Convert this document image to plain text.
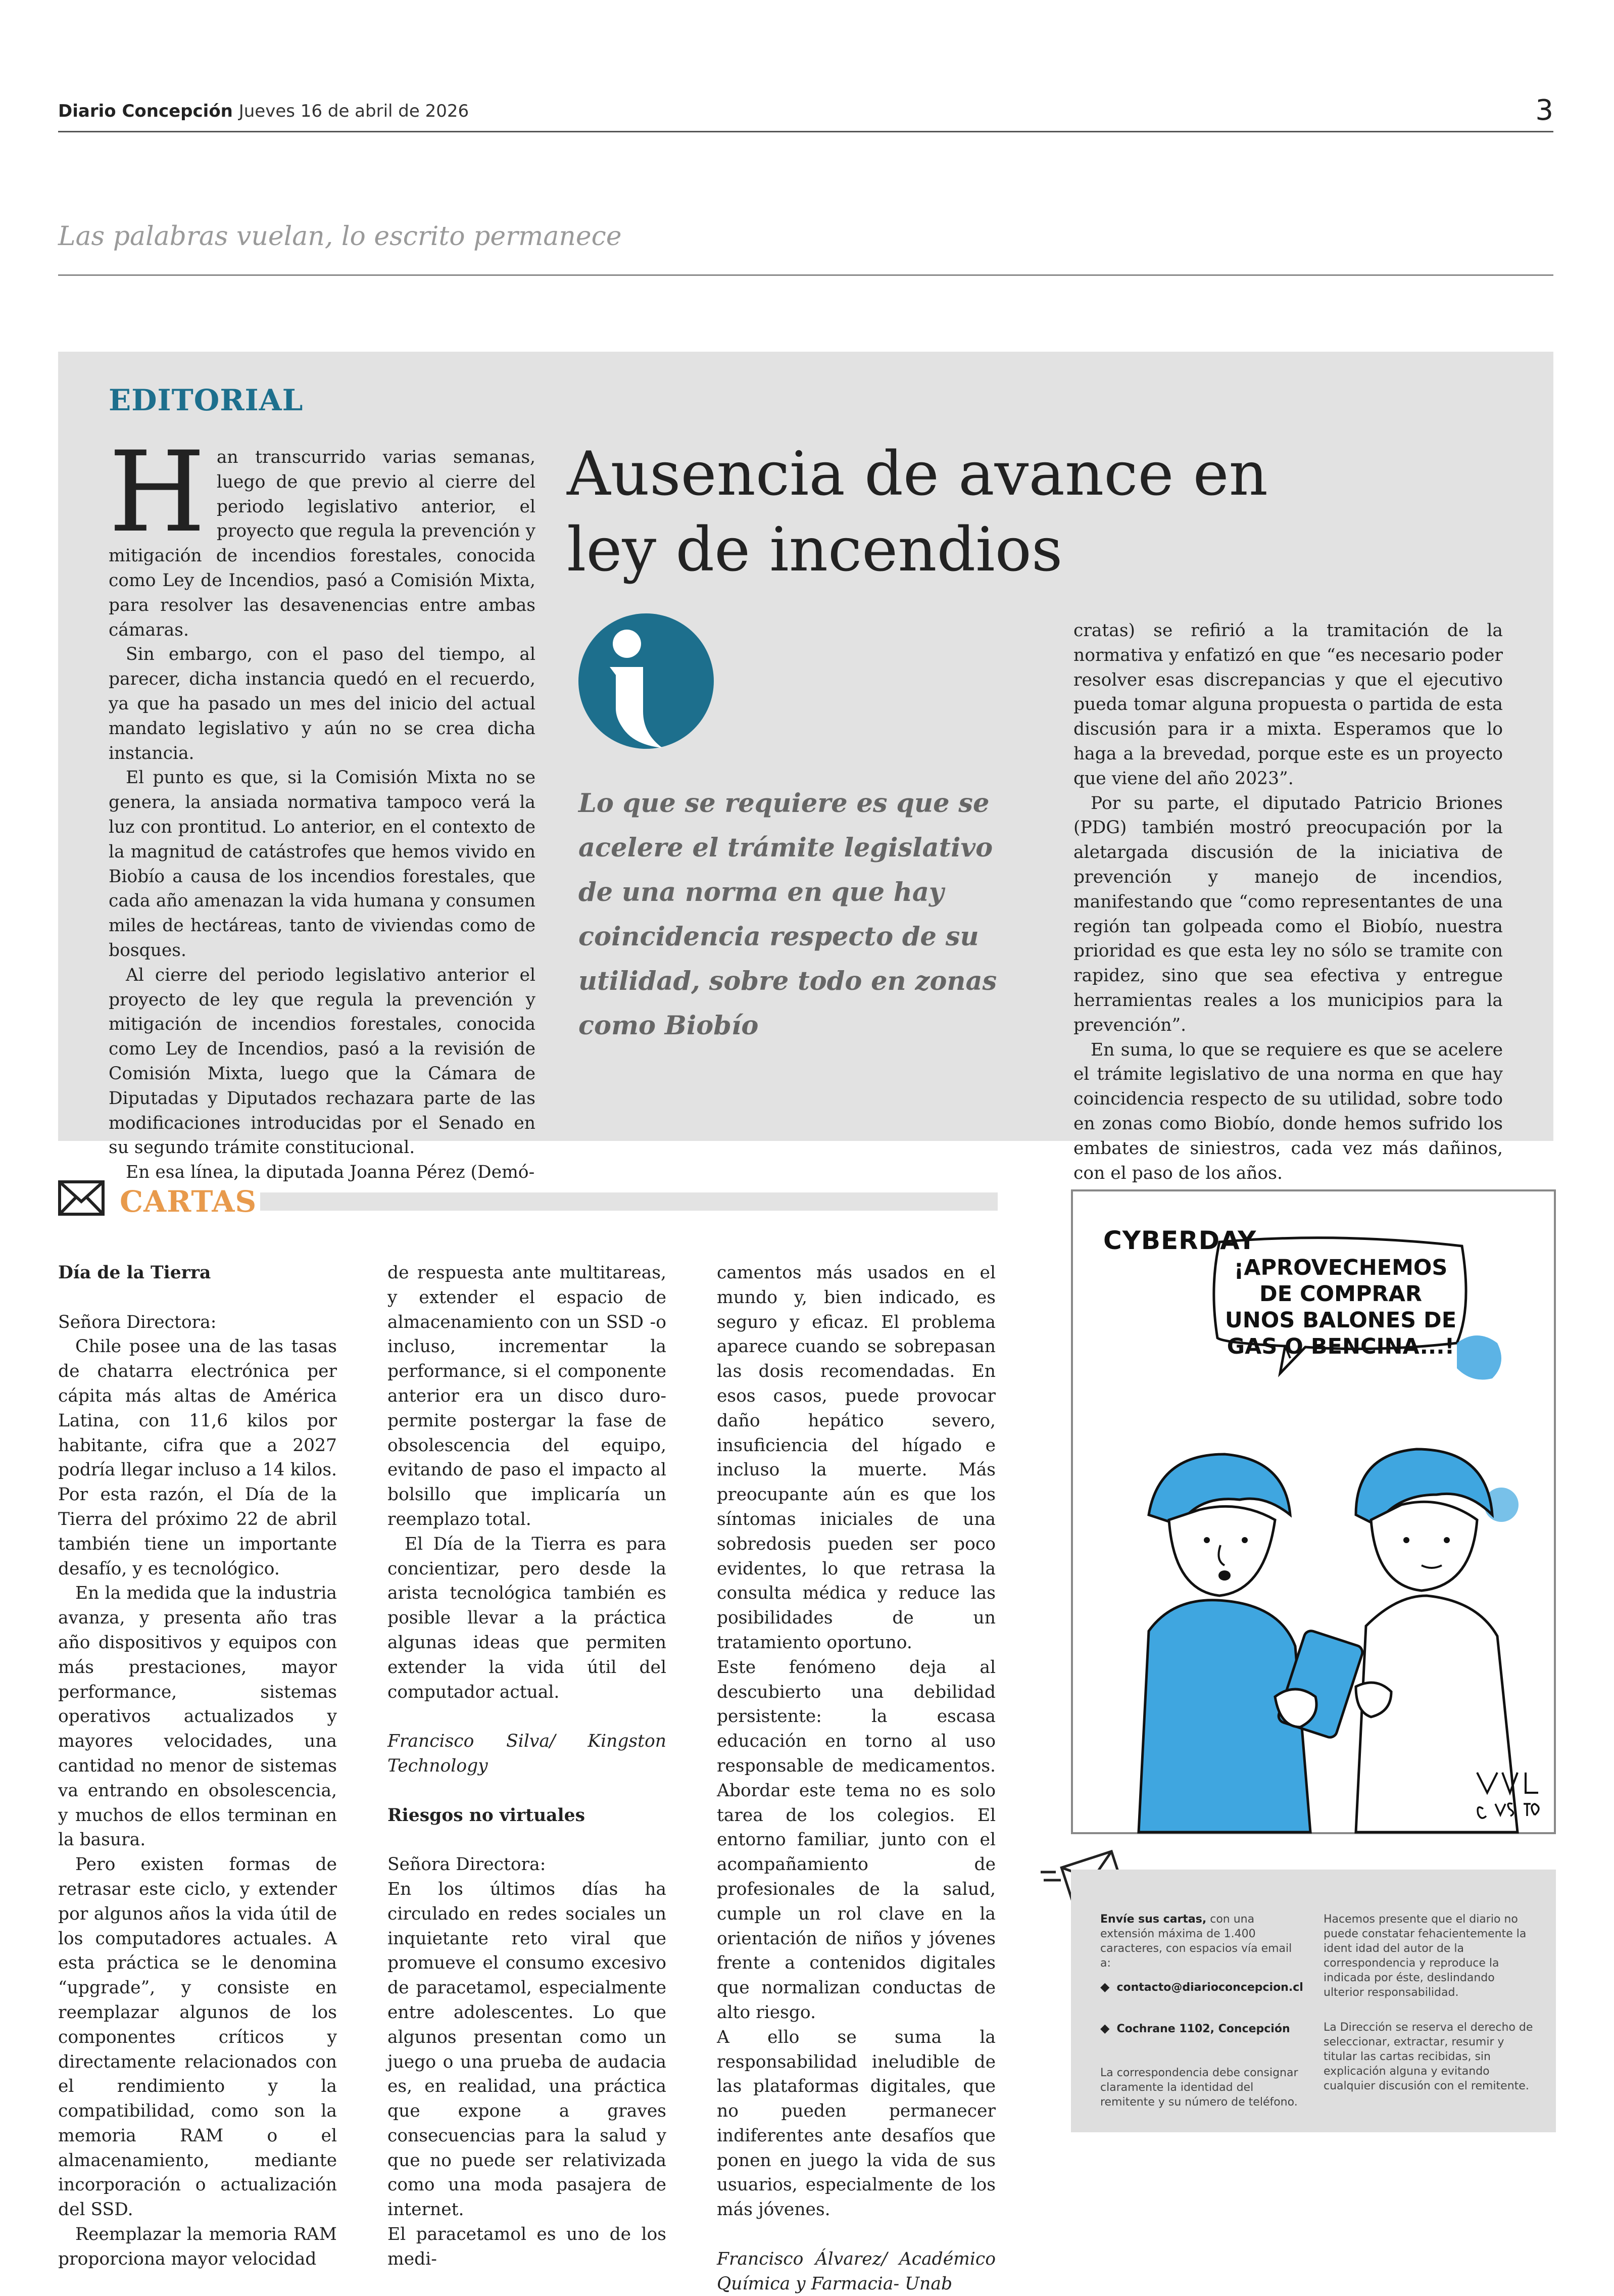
Diario Concepción Jueves 16 de abril de 2026	3
Las palabras vuelan, lo escrito permanece
EDITORIAL

Han transcurrido varias semanas, luego de que previo al cierre del periodo legislativo anterior, el proyecto que regula la prevención y mitigación de incendios forestales, conocida como Ley de Incendios, pasó a Comisión Mixta, para resolver las desavenencias entre ambas cámaras.

Sin embargo, con el paso del tiempo, al parecer, dicha instancia quedó en el recuerdo, ya que ha pasado un mes del inicio del actual mandato legislativo y aún no se crea dicha instancia.

El punto es que, si la Comisión Mixta no se genera, la ansiada normativa tampoco verá la luz con prontitud. Lo anterior, en el contexto de la magnitud de catástrofes que hemos vivido en Biobío a causa de los incendios forestales, que cada año amenazan la vida humana y consumen miles de hectáreas, tanto de viviendas como de bosques.

Al cierre del periodo legislativo anterior el proyecto de ley que regula la prevención y mitigación de incendios forestales, conocida como Ley de Incendios, pasó a la revisión de Comisión Mixta, luego que la Cámara de Diputadas y Diputados rechazara parte de las modificaciones introducidas por el Senado en su segundo trámite constitucional.

En esa línea, la diputada Joanna Pérez (Demó-

Ausencia de avance en ley de incendios
Lo que se requiere es que se acelere el trámite legislativo de una norma en que hay coincidencia respecto de su utilidad, sobre todo en zonas como Biobío

cratas) se refirió a la tramitación de la normativa y enfatizó en que “es necesario poder resolver esas discrepancias y que el ejecutivo pueda tomar alguna propuesta o partida de esta discusión para ir a mixta. Esperamos que lo haga a la brevedad, porque este es un proyecto que viene del año 2023”.

Por su parte, el diputado Patricio Briones (PDG) también mostró preocupación por la aletargada discusión de la iniciativa de prevención y manejo de incendios, manifestando que “como representantes de una región tan golpeada como el Biobío, nuestra prioridad es que esta ley no sólo se tramite con rapidez, sino que sea efectiva y entregue herramientas reales a los municipios para la prevención”.

En suma, lo que se requiere es que se acelere el trámite legislativo de una norma en que hay coincidencia respecto de su utilidad, sobre todo en zonas como Biobío, donde hemos sufrido los embates de siniestros, cada vez más dañinos, con el paso de los años.

CARTAS

Día de la Tierra

Señora Directora:

Chile posee una de las tasas de chatarra electrónica per cápita más altas de América Latina, con 11,6 kilos por habitante, cifra que a 2027 podría llegar incluso a 14 kilos. Por esta razón, el Día de la Tierra del próximo 22 de abril también tiene un importante desafío, y es tecnológico.

En la medida que la industria avanza, y presenta año tras año dispositivos y equipos con más prestaciones, mayor performance, sistemas operativos actualizados y mayores velocidades, una cantidad no menor de sistemas va entrando en obsolescencia, y muchos de ellos terminan en la basura.

Pero existen formas de retrasar este ciclo, y extender por algunos años la vida útil de los computadores actuales. A esta práctica se le denomina “upgrade”, y consiste en reemplazar algunos de los componentes críticos y directamente relacionados con el rendimiento y la compatibilidad, como son la memoria RAM o el almacenamiento, mediante incorporación o actualización del SSD.

Reemplazar la memoria RAM proporciona mayor velocidad

de respuesta ante multitareas, y extender el espacio de almacenamiento con un SSD -o incluso, incrementar la performance, si el componente anterior era un disco duro- permite postergar la fase de obsolescencia del equipo, evitando de paso el impacto al bolsillo que implicaría un reemplazo total.

El Día de la Tierra es para concientizar, pero desde la arista tecnológica también es posible llevar a la práctica algunas ideas que permiten extender la vida útil del computador actual.

Francisco Silva/ Kingston Technology

Riesgos no virtuales

Señora Directora:

En los últimos días ha circulado en redes sociales un inquietante reto viral que promueve el consumo excesivo de paracetamol, especialmente entre adolescentes. Lo que algunos presentan como un juego o una prueba de audacia es, en realidad, una práctica que expone a graves consecuencias para la salud y que no puede ser relativizada como una moda pasajera de internet.

El paracetamol es uno de los medi-

camentos más usados en el mundo y, bien indicado, es seguro y eficaz. El problema aparece cuando se sobrepasan las dosis recomendadas. En esos casos, puede provocar daño hepático severo, insuficiencia del hígado e incluso la muerte. Más preocupante aún es que los síntomas iniciales de una sobredosis pueden ser poco evidentes, lo que retrasa la consulta médica y reduce las posibilidades de un tratamiento oportuno.

Este fenómeno deja al descubierto una debilidad persistente: la escasa educación en torno al uso responsable de medicamentos. Abordar este tema no es solo tarea de los colegios. El entorno familiar, junto con el acompañamiento de profesionales de la salud, cumple un rol clave en la orientación de niños y jóvenes frente a contenidos digitales que normalizan conductas de alto riesgo.

A ello se suma la responsabilidad ineludible de las plataformas digitales, que no pueden permanecer indiferentes ante desafíos que ponen en juego la vida de sus usuarios, especialmente de los más jóvenes.

Francisco Álvarez/ Académico Química y Farmacia- Unab

CYBERDAY
¡APROVECHEMOS DE COMPRAR UNOS BALONES DE GAS O BENCINA...!
Envíe sus cartas, con una extensión máxima de 1.400 caracteres, con espacios vía email a:
◆ contacto@diarioconcepcion.cl
◆ Cochrane 1102, Concepción
La correspondencia debe consignar claramente la identidad del remitente y su número de teléfono.
Hacemos presente que el diario no puede constatar fehacientemente la ident idad del autor de la correspondencia y reproduce la indicada por éste, deslindando ulterior responsabilidad.
La Dirección se reserva el derecho de seleccionar, extractar, resumir y titular las cartas recibidas, sin explicación alguna y evitando cualquier discusión con el remitente.
